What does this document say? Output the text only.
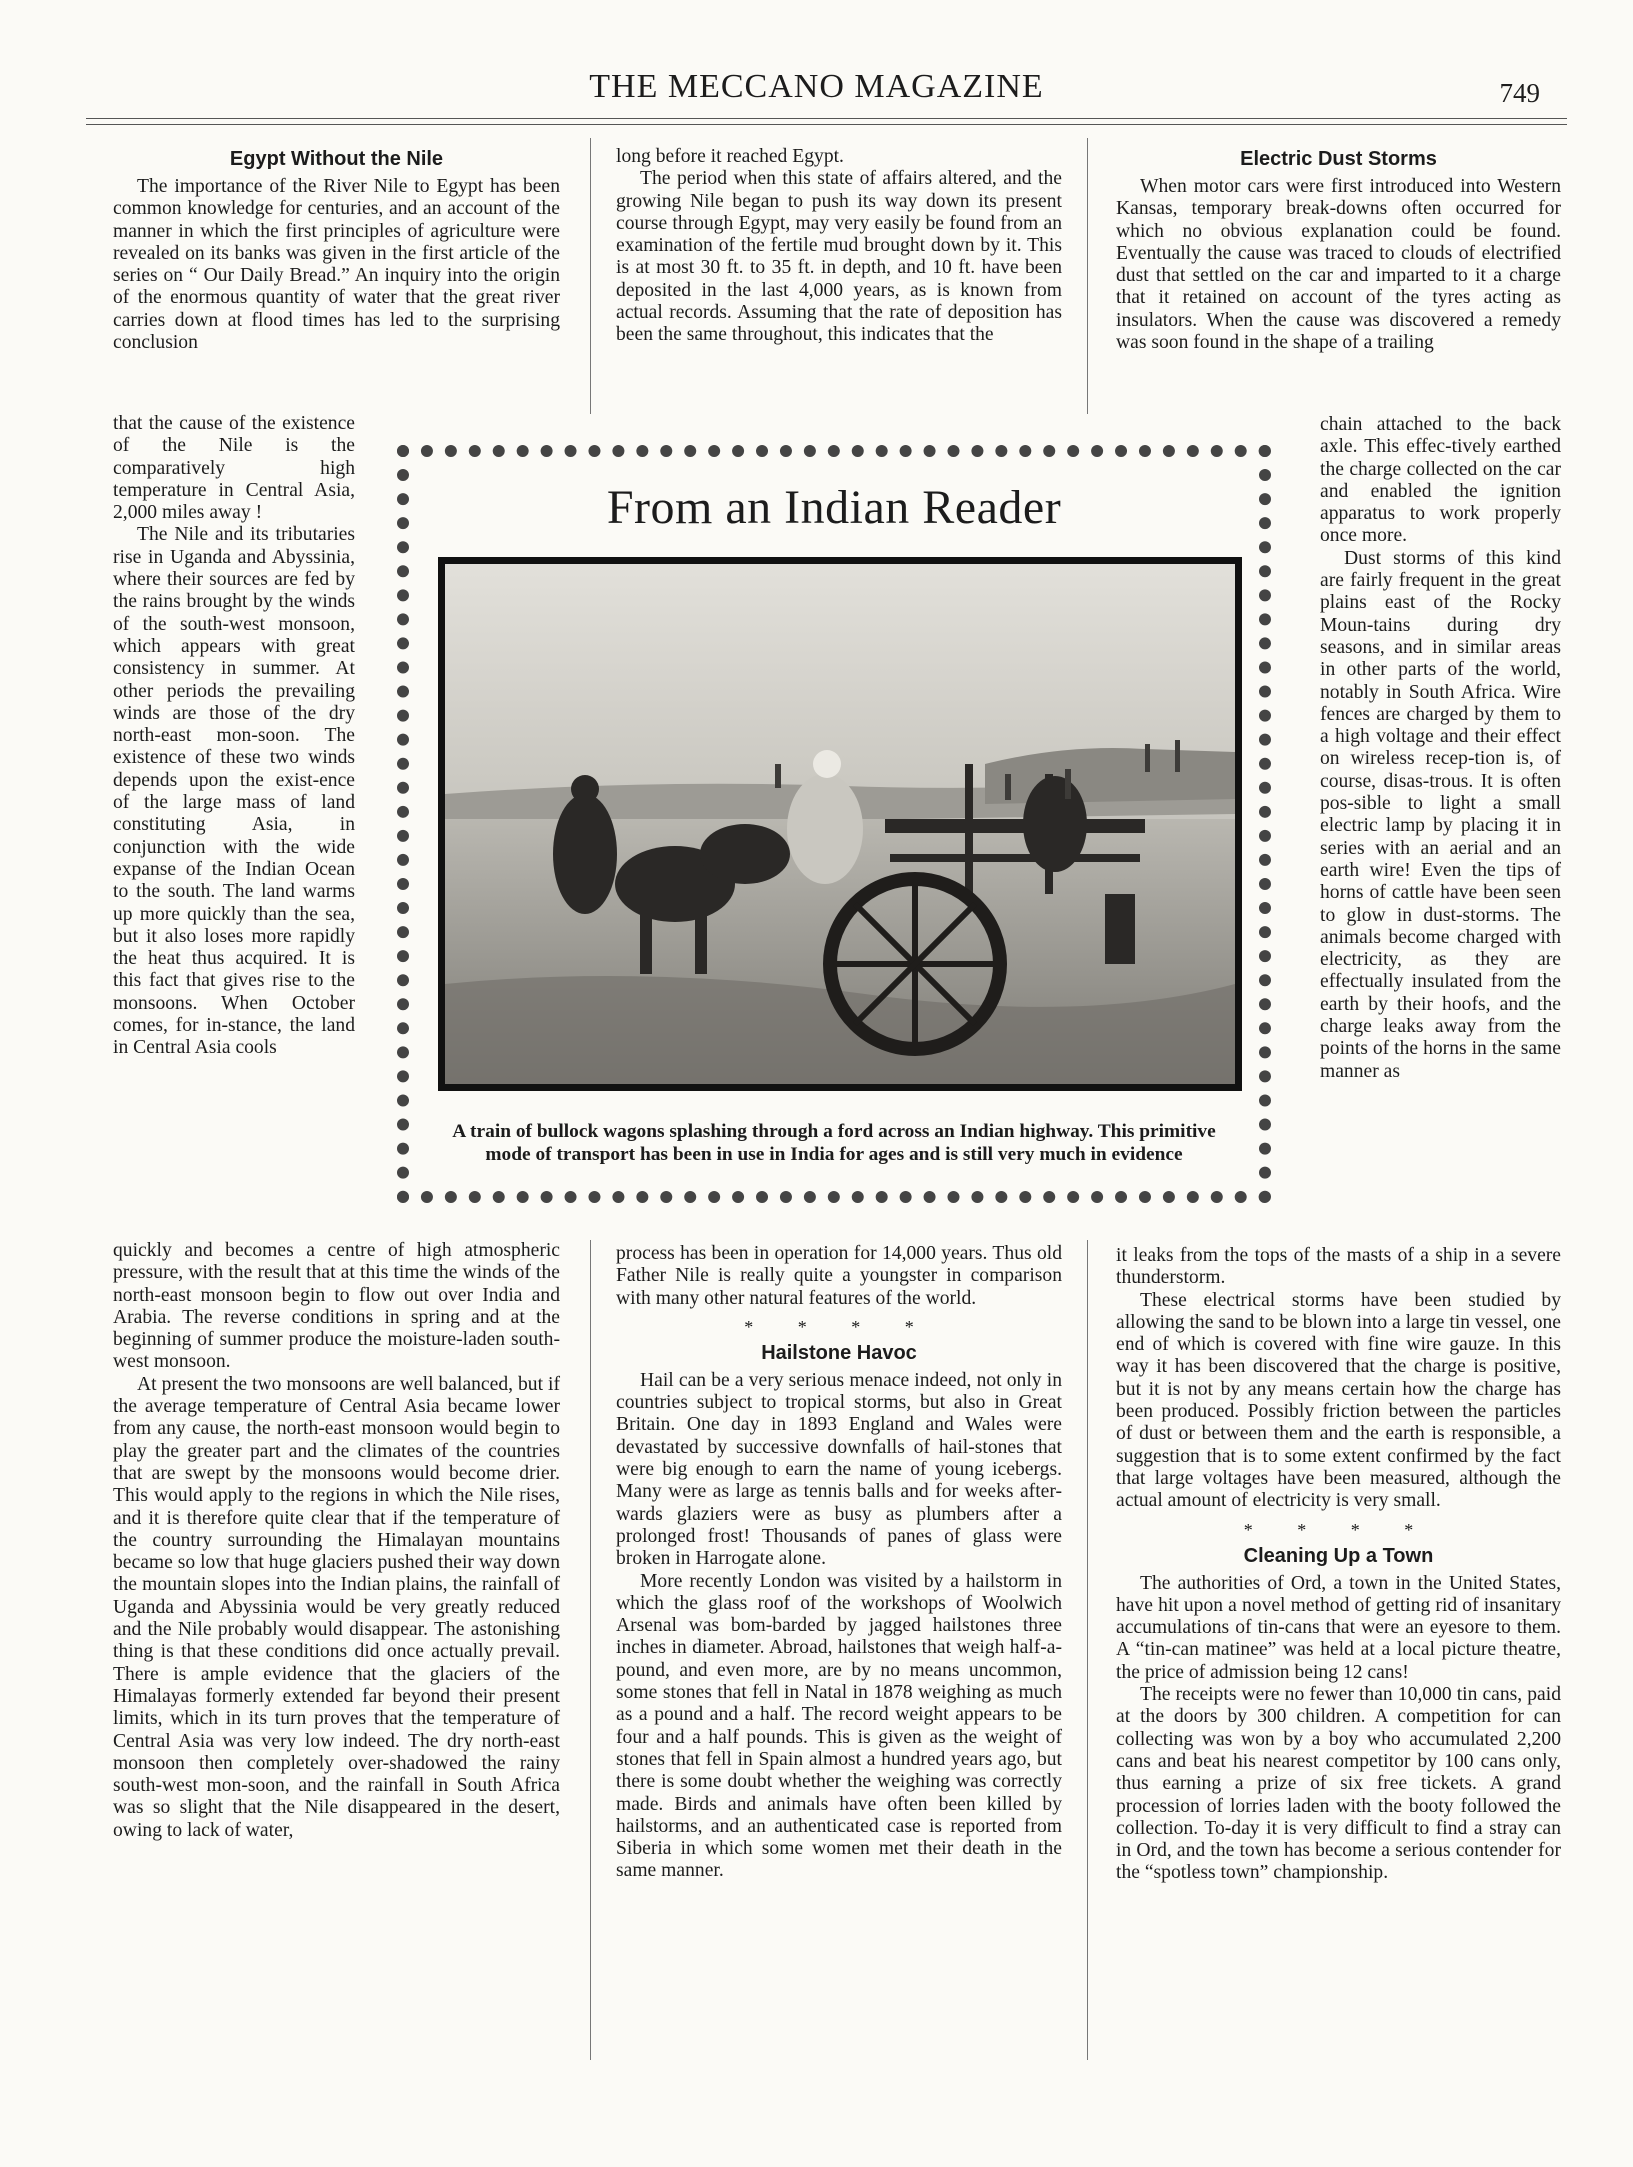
THE MECCANO MAGAZINE	749
Egypt Without the Nile

The importance of the River Nile to Egypt has been common knowledge for centuries, and an account of the manner in which the first principles of agriculture were revealed on its banks was given in the first article of the series on “ Our Daily Bread.” An inquiry into the origin of the enormous quantity of water that the great river carries down at flood times has led to the surprising conclusion

that the cause of the existence of the Nile is the comparatively high temperature in Central Asia, 2,000 miles away !

The Nile and its tributaries rise in Uganda and Abyssinia, where their sources are fed by the rains brought by the winds of the south-west monsoon, which appears with great consistency in summer. At other periods the prevailing winds are those of the dry north-east mon-soon. The existence of these two winds depends upon the exist-ence of the large mass of land constituting Asia, in conjunction with the wide expanse of the Indian Ocean to the south. The land warms up more quickly than the sea, but it also loses more rapidly the heat thus acquired. It is this fact that gives rise to the monsoons. When October comes, for in-stance, the land in Central Asia cools

quickly and becomes a centre of high atmospheric pressure, with the result that at this time the winds of the north-east monsoon begin to flow out over India and Arabia. The reverse conditions in spring and at the beginning of summer produce the moisture-laden south-west monsoon.

At present the two monsoons are well balanced, but if the average temperature of Central Asia became lower from any cause, the north-east monsoon would begin to play the greater part and the climates of the countries that are swept by the monsoons would become drier. This would apply to the regions in which the Nile rises, and it is therefore quite clear that if the temperature of the country surrounding the Himalayan mountains became so low that huge glaciers pushed their way down the mountain slopes into the Indian plains, the rainfall of Uganda and Abyssinia would be very greatly reduced and the Nile probably would disappear. The astonishing thing is that these conditions did once actually prevail. There is ample evidence that the glaciers of the Himalayas formerly extended far beyond their present limits, which in its turn proves that the temperature of Central Asia was very low indeed. The dry north-east monsoon then completely over-shadowed the rainy south-west mon-soon, and the rainfall in South Africa was so slight that the Nile disappeared in the desert, owing to lack of water,

long before it reached Egypt.

The period when this state of affairs altered, and the growing Nile began to push its way down its present course through Egypt, may very easily be found from an examination of the fertile mud brought down by it. This is at most 30 ft. to 35 ft. in depth, and 10 ft. have been deposited in the last 4,000 years, as is known from actual records. Assuming that the rate of deposition has been the same throughout, this indicates that the

process has been in operation for 14,000 years. Thus old Father Nile is really quite a youngster in comparison with many other natural features of the world.

* * * *
Hailstone Havoc

Hail can be a very serious menace indeed, not only in countries subject to tropical storms, but also in Great Britain. One day in 1893 England and Wales were devastated by successive downfalls of hail-stones that were big enough to earn the name of young icebergs. Many were as large as tennis balls and for weeks after-wards glaziers were as busy as plumbers after a prolonged frost! Thousands of panes of glass were broken in Harrogate alone.

More recently London was visited by a hailstorm in which the glass roof of the workshops of Woolwich Arsenal was bom-barded by jagged hailstones three inches in diameter. Abroad, hailstones that weigh half-a-pound, and even more, are by no means uncommon, some stones that fell in Natal in 1878 weighing as much as a pound and a half. The record weight appears to be four and a half pounds. This is given as the weight of stones that fell in Spain almost a hundred years ago, but there is some doubt whether the weighing was correctly made. Birds and animals have often been killed by hailstorms, and an authenticated case is reported from Siberia in which some women met their death in the same manner.

Electric Dust Storms

When motor cars were first introduced into Western Kansas, temporary break-downs often occurred for which no obvious explanation could be found. Eventually the cause was traced to clouds of electrified dust that settled on the car and imparted to it a charge that it retained on account of the tyres acting as insulators. When the cause was discovered a remedy was soon found in the shape of a trailing

chain attached to the back axle. This effec-tively earthed the charge collected on the car and enabled the ignition apparatus to work properly once more.

Dust storms of this kind are fairly frequent in the great plains east of the Rocky Moun-tains during dry seasons, and in similar areas in other parts of the world, notably in South Africa. Wire fences are charged by them to a high voltage and their effect on wireless recep-tion is, of course, disas-trous. It is often pos-sible to light a small electric lamp by placing it in series with an aerial and an earth wire! Even the tips of horns of cattle have been seen to glow in dust-storms. The animals become charged with electricity, as they are effectually insulated from the earth by their hoofs, and the charge leaks away from the points of the horns in the same manner as

it leaks from the tops of the masts of a ship in a severe thunderstorm.

These electrical storms have been studied by allowing the sand to be blown into a large tin vessel, one end of which is covered with fine wire gauze. In this way it has been discovered that the charge is positive, but it is not by any means certain how the charge has been produced. Possibly friction between the particles of dust or between them and the earth is responsible, a suggestion that is to some extent confirmed by the fact that large voltages have been measured, although the actual amount of electricity is very small.

* * * *
Cleaning Up a Town

The authorities of Ord, a town in the United States, have hit upon a novel method of getting rid of insanitary accumulations of tin-cans that were an eyesore to them. A “tin-can matinee” was held at a local picture theatre, the price of admission being 12 cans!

The receipts were no fewer than 10,000 tin cans, paid at the doors by 300 children. A competition for can collecting was won by a boy who accumulated 2,200 cans and beat his nearest competitor by 100 cans only, thus earning a prize of six free tickets. A grand procession of lorries laden with the booty followed the collection. To-day it is very difficult to find a stray can in Ord, and the town has become a serious contender for the “spotless town” championship.

From an Indian Reader
A train of bullock wagons splashing through a ford across an Indian highway. This primitive mode of transport has been in use in India for ages and is still very much in evidence
